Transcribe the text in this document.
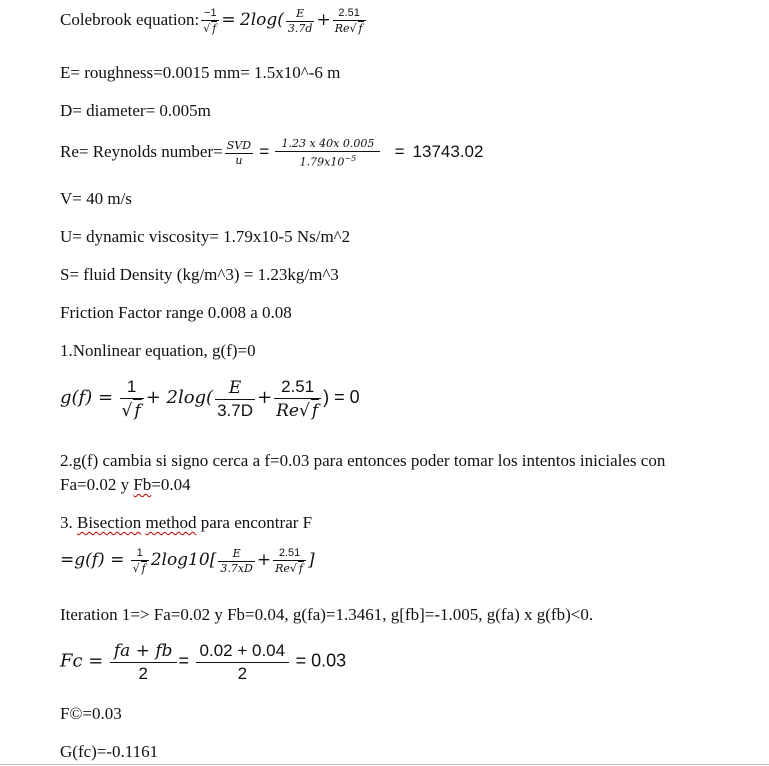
Colebrook equation: $\frac{-1}{√ f} = 2\log( \frac{E}{3.7d} + \frac{2.51}{Re√ f}$
E= roughness=0.0015 mm= 1.5x10^-6 m
D= diameter= 0.005m
Re= Reynolds number= $\frac{\text{SVD}}{u} = \frac{1.23 x 40x 0.005}{1.79x10^{-5}} = 13743.02$
V= 40 m/s
U= dynamic viscosity= 1.79x10-5 Ns/m^2
S= fluid Density (kg/m^3) = 1.23kg/m^3
Friction Factor range 0.008 a 0.08
1.Nonlinear equation, g(f)=0
$g(f) = \frac{1}{√ f} + 2\log( \frac{E}{3.7D} + \frac{2.51}{Re√ f}$ ) = 0
2.g(f) cambia si signo cerca a f=0.03 para entonces poder tomar los intentos iniciales con
Fa=0.02 y Fb=0.04
3. Bisection method para encontrar F
$=g(f) = \frac{1}{√ f} 2\log 10[ \frac{E}{3.7xD} + \frac{2.51}{Re√ f}$ ]
Iteration 1=> Fa=0.02 y Fb=0.04, g(fa)=1.3461, g[fb]=-1.005, g(fa) x g(fb)<0.
$Fc = \frac{fa + fb}{2} = \frac{0.02 + 0.04}{2} = 0.03$
F©=0.03
G(fc)=-0.1161
